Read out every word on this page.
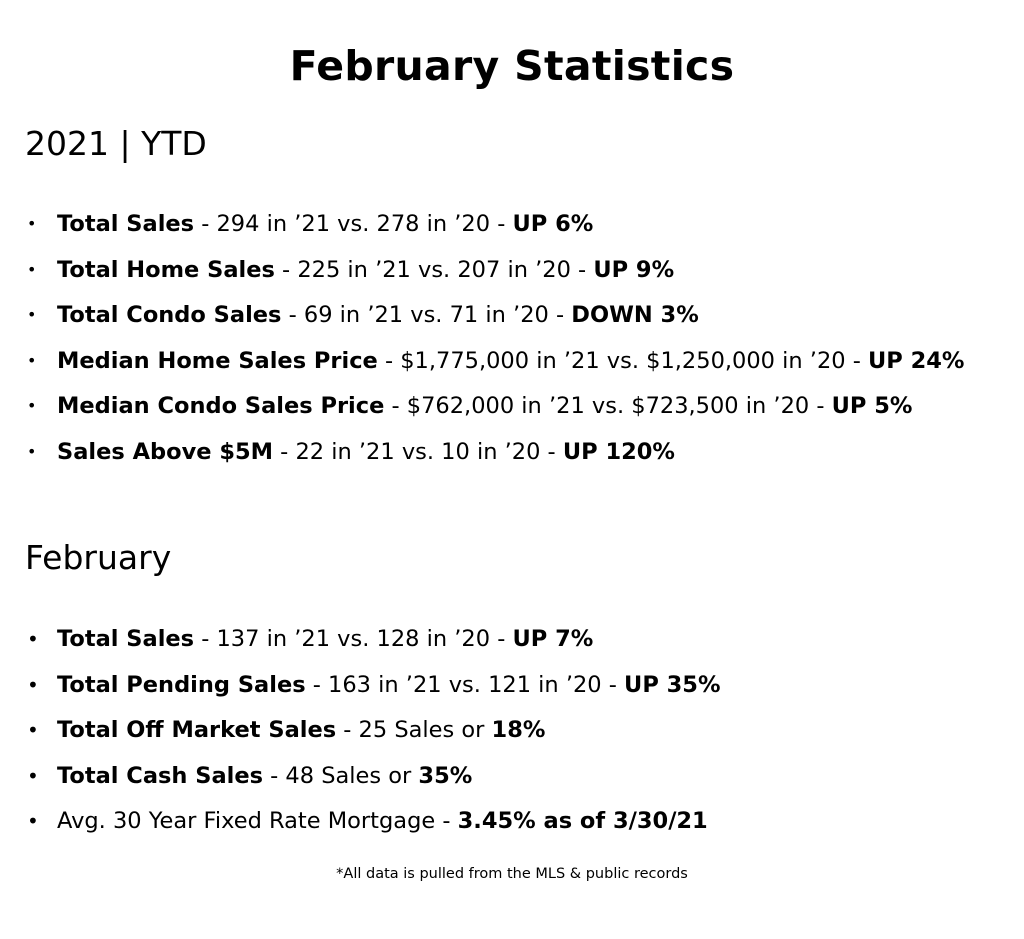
February Statistics
2021 | YTD
• Total Sales - 294 in ’21 vs. 278 in ’20 - UP 6%
• Total Home Sales - 225 in ’21 vs. 207 in ’20 - UP 9%
• Total Condo Sales - 69 in ’21 vs. 71 in ’20 - DOWN 3%
• Median Home Sales Price - $1,775,000 in ’21 vs. $1,250,000 in ’20 - UP 24%
• Median Condo Sales Price - $762,000 in ’21 vs. $723,500 in ’20 - UP 5%
• Sales Above $5M - 22 in ’21 vs. 10 in ’20 - UP 120%
February
• Total Sales - 137 in ’21 vs. 128 in ’20 - UP 7%
• Total Pending Sales - 163 in ’21 vs. 121 in ’20 - UP 35%
• Total Off Market Sales - 25 Sales or 18%
• Total Cash Sales - 48 Sales or 35%
• Avg. 30 Year Fixed Rate Mortgage - 3.45% as of 3/30/21
*All data is pulled from the MLS & public records
